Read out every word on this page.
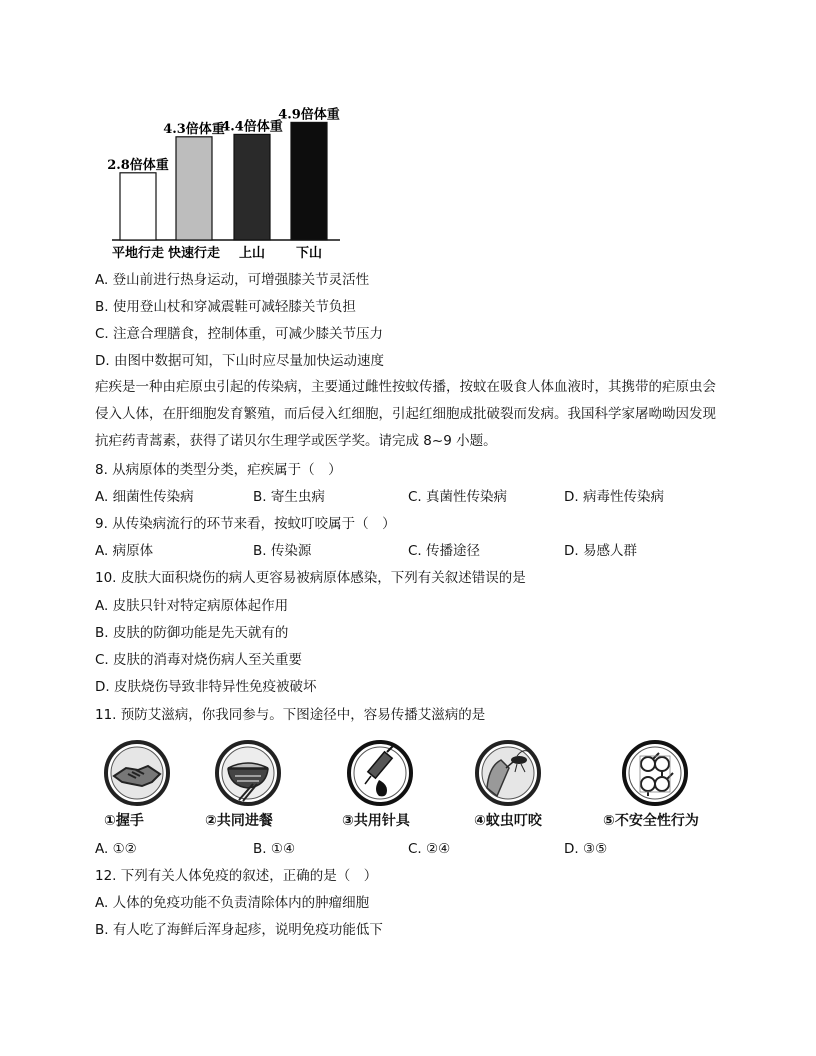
2.8倍体重
平地行走
4.3倍体重
快速行走
4.4倍体重
上山
4.9倍体重
下山
A. 登山前进行热身运动，可增强膝关节灵活性
B. 使用登山杖和穿减震鞋可减轻膝关节负担
C. 注意合理膳食，控制体重，可减少膝关节压力
D. 由图中数据可知，下山时应尽量加快运动速度
疟疾是一种由疟原虫引起的传染病，主要通过雌性按蚊传播，按蚊在吸食人体血液时，其携带的疟原虫会侵入人体，在肝细胞发育繁殖，而后侵入红细胞，引起红细胞成批破裂而发病。我国科学家屠呦呦因发现抗疟药青蒿素，获得了诺贝尔生理学或医学奖。请完成 8~9 小题。
8. 从病原体的类型分类，疟疾属于（　）
A. 细菌性传染病	B. 寄生虫病	C. 真菌性传染病	D. 病毒性传染病
9. 从传染病流行的环节来看，按蚊叮咬属于（　）
A. 病原体	B. 传染源	C. 传播途径	D. 易感人群
10. 皮肤大面积烧伤的病人更容易被病原体感染，下列有关叙述错误的是
A. 皮肤只针对特定病原体起作用
B. 皮肤的防御功能是先天就有的
C. 皮肤的消毒对烧伤病人至关重要
D. 皮肤烧伤导致非特异性免疫被破坏
11. 预防艾滋病，你我同参与。下图途径中，容易传播艾滋病的是
①握手	②共同进餐	③共用针具	④蚊虫叮咬	⑤不安全性行为
A. ①②	B. ①④	C. ②④	D. ③⑤
12. 下列有关人体免疫的叙述，正确的是（　）
A. 人体的免疫功能不负责清除体内的肿瘤细胞
B. 有人吃了海鲜后浑身起疹，说明免疫功能低下
